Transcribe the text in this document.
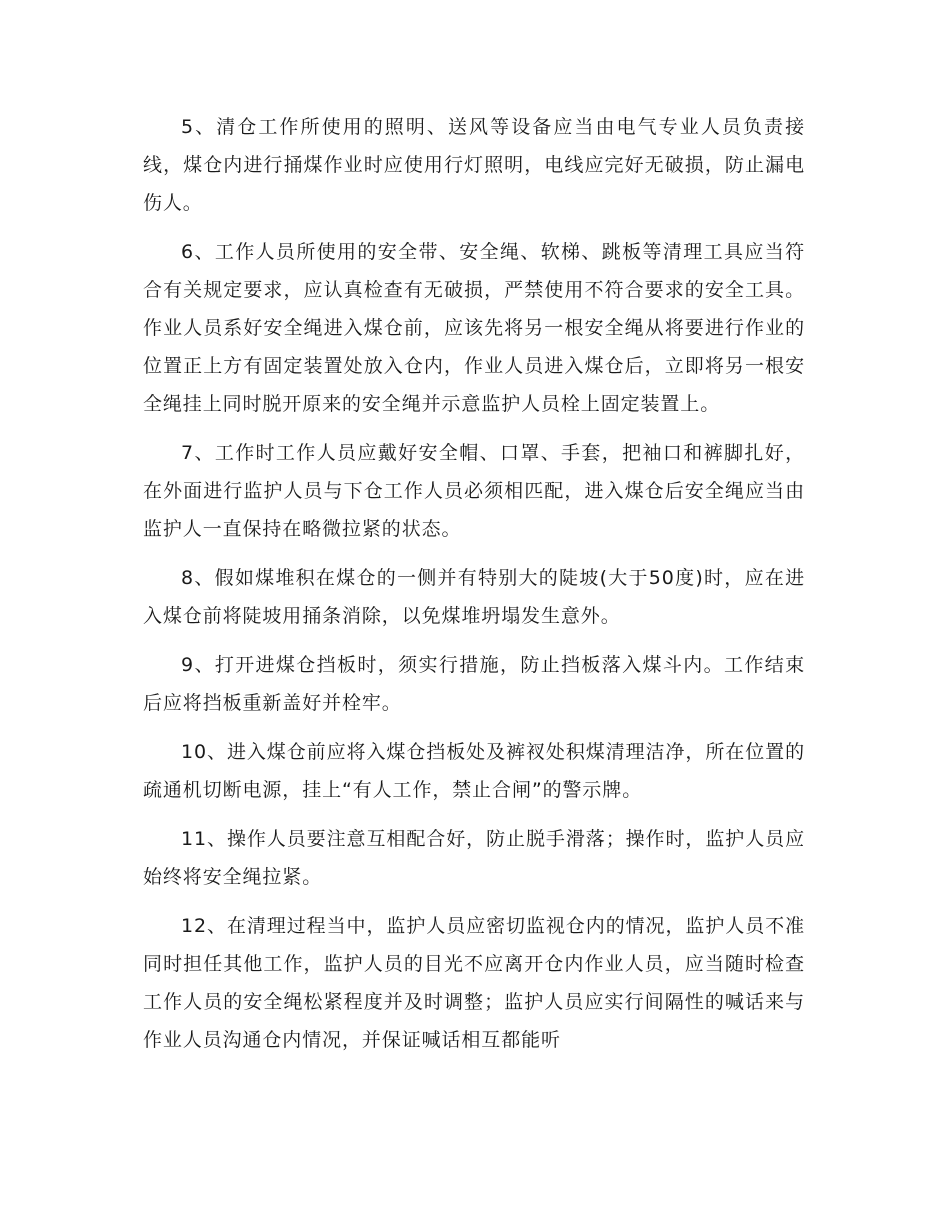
5、清仓工作所使用的照明、送风等设备应当由电气专业人员负责接线，煤仓内进行捅煤作业时应使用行灯照明，电线应完好无破损，防止漏电伤人。

6、工作人员所使用的安全带、安全绳、软梯、跳板等清理工具应当符合有关规定要求，应认真检查有无破损，严禁使用不符合要求的安全工具。作业人员系好安全绳进入煤仓前，应该先将另一根安全绳从将要进行作业的位置正上方有固定装置处放入仓内，作业人员进入煤仓后，立即将另一根安全绳挂上同时脱开原来的安全绳并示意监护人员栓上固定装置上。

7、工作时工作人员应戴好安全帽、口罩、手套，把袖口和裤脚扎好，在外面进行监护人员与下仓工作人员必须相匹配，进入煤仓后安全绳应当由监护人一直保持在略微拉紧的状态。

8、假如煤堆积在煤仓的一侧并有特别大的陡坡(大于50度)时，应在进入煤仓前将陡坡用捅条消除，以免煤堆坍塌发生意外。

9、打开进煤仓挡板时，须实行措施，防止挡板落入煤斗内。工作结束后应将挡板重新盖好并栓牢。

10、进入煤仓前应将入煤仓挡板处及裤衩处积煤清理洁净，所在位置的疏通机切断电源，挂上“有人工作，禁止合闸”的警示牌。

11、操作人员要注意互相配合好，防止脱手滑落；操作时，监护人员应始终将安全绳拉紧。

12、在清理过程当中，监护人员应密切监视仓内的情况，监护人员不准同时担任其他工作，监护人员的目光不应离开仓内作业人员，应当随时检查工作人员的安全绳松紧程度并及时调整；监护人员应实行间隔性的喊话来与作业人员沟通仓内情况，并保证喊话相互都能听
